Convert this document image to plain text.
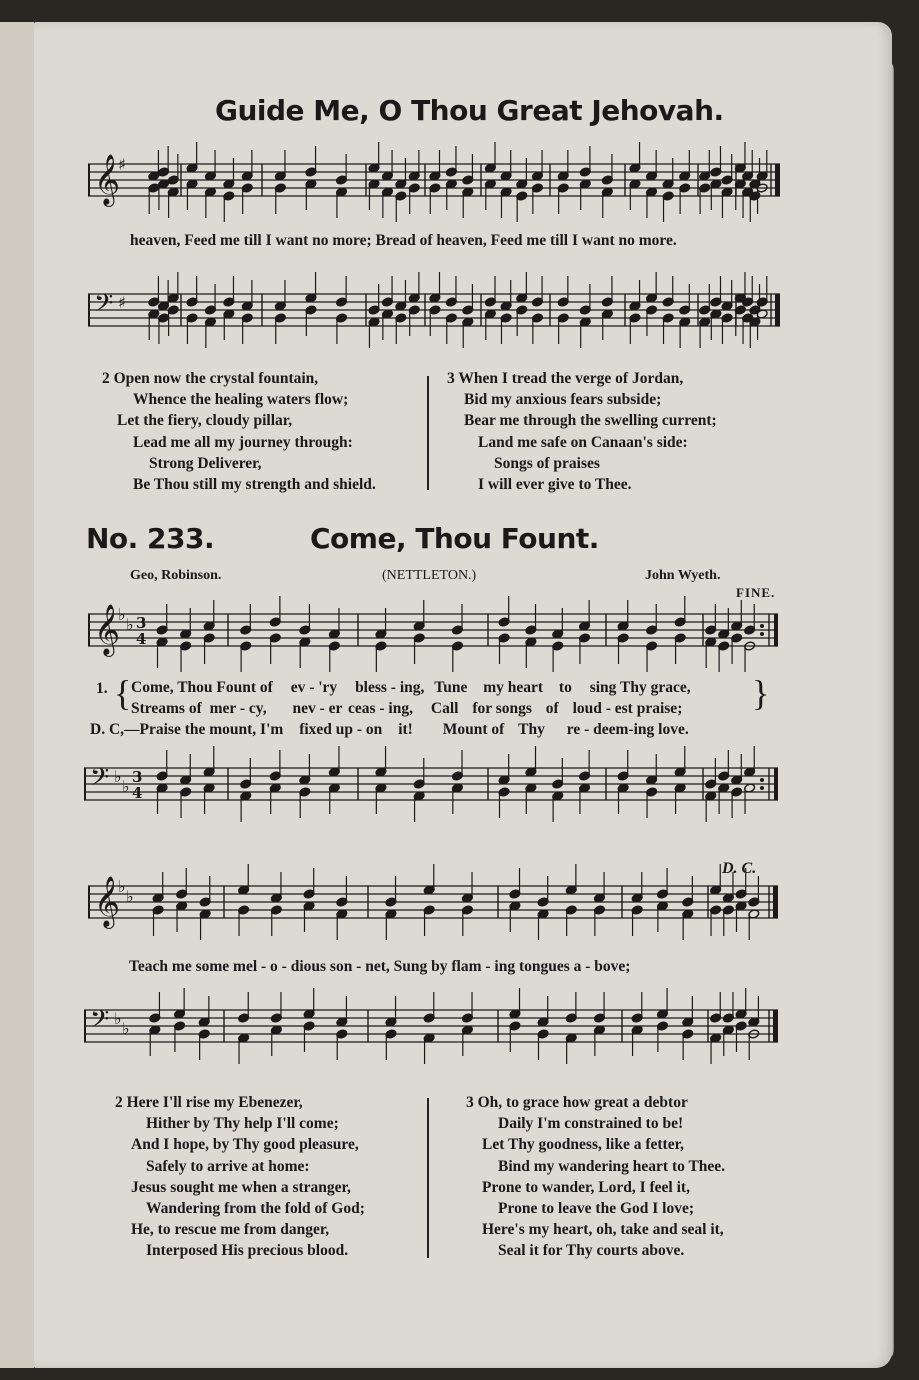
Guide Me, O Thou Great Jehovah.
𝄞
♯
heaven, Feed me till I want no more; Bread of heaven, Feed me till I want no more.
𝄢 ♯
2 Open now the crystal fountain,
Whence the healing waters flow;
Let the fiery, cloudy pillar,
Lead me all my journey through:
Strong Deliverer,
Be Thou still my strength and shield.
3 When I tread the verge of Jordan,
Bid my anxious fears subside;
Bear me through the swelling current;
Land me safe on Canaan's side:
Songs of praises
I will ever give to Thee.
No. 233.	Come, Thou Fount.
Geo, Robinson.	(NETTLETON.)	John Wyeth.
FINE.
𝄞
♭
♭ 3
4
1. {	}
Come, Thou Fount of ev - 'ry bless - ing, Tune my heart to sing Thy grace,
Streams of mer - cy, nev - er ceas - ing, Call for songs of loud - est praise;
D. C,—Praise the mount, I'm fixed up - on it! Mount of Thy re - deem-ing love.
𝄢 ♭
♭ 3
4
D. C.
𝄞
♭
♭
Teach me some mel - o - dious son - net, Sung by flam - ing tongues a - bove;
𝄢 ♭
♭
2 Here I'll rise my Ebenezer,
Hither by Thy help I'll come;
And I hope, by Thy good pleasure,
Safely to arrive at home:
Jesus sought me when a stranger,
Wandering from the fold of God;
He, to rescue me from danger,
Interposed His precious blood.
3 Oh, to grace how great a debtor
Daily I'm constrained to be!
Let Thy goodness, like a fetter,
Bind my wandering heart to Thee.
Prone to wander, Lord, I feel it,
Prone to leave the God I love;
Here's my heart, oh, take and seal it,
Seal it for Thy courts above.
